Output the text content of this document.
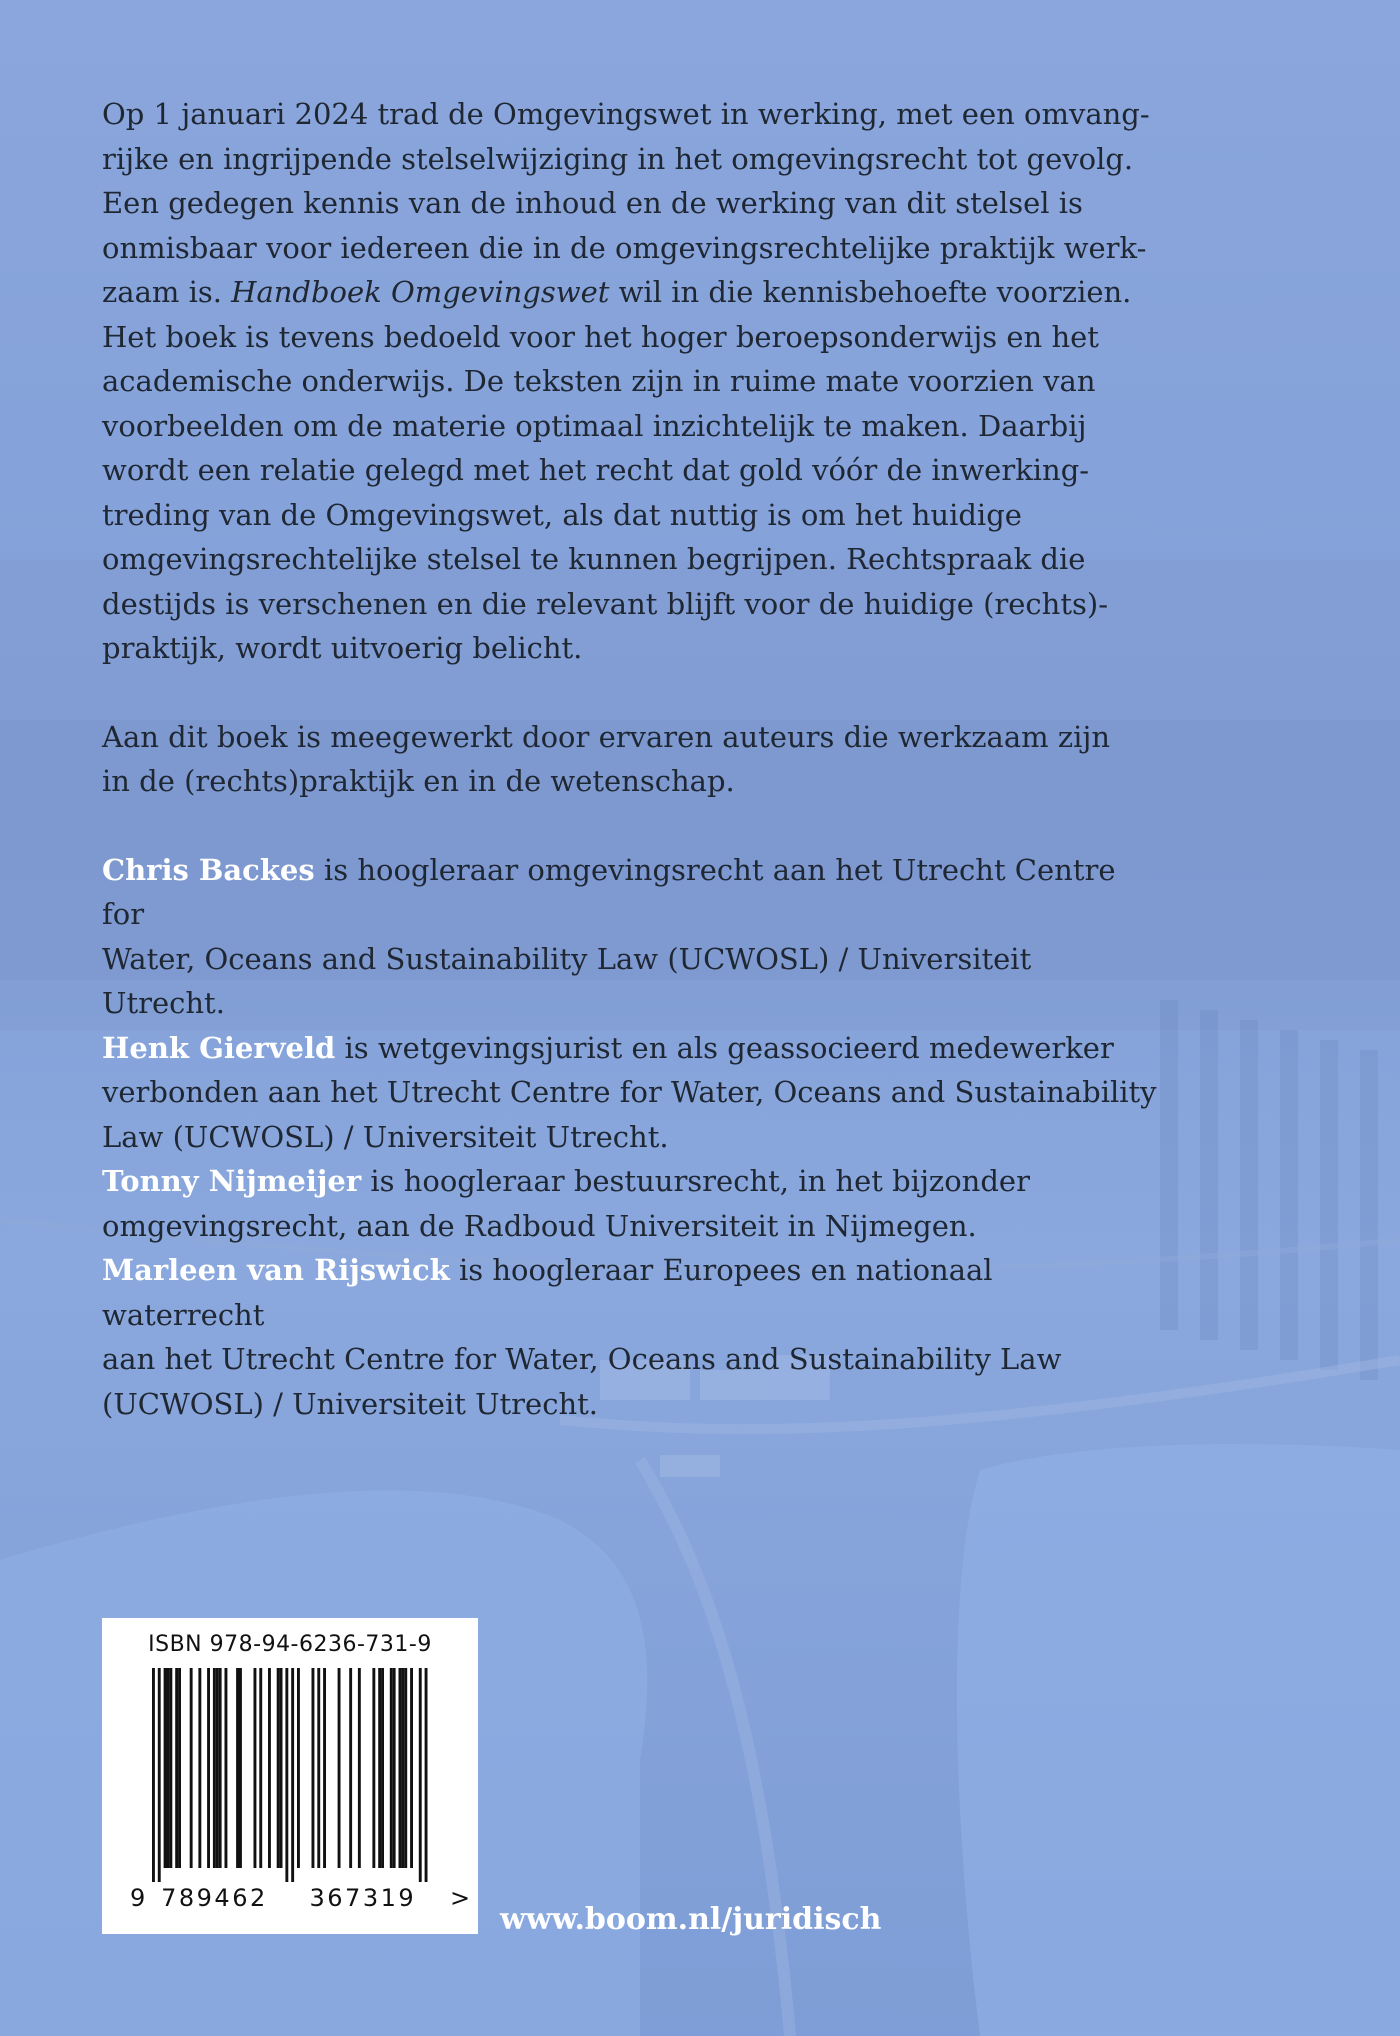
Op 1 januari 2024 trad de Omgevingswet in werking, met een omvang-
rijke en ingrijpende stelselwijziging in het omgevingsrecht tot gevolg.
Een gedegen kennis van de inhoud en de werking van dit stelsel is
onmisbaar voor iedereen die in de omgevingsrechtelijke praktijk werk-
zaam is. Handboek Omgevingswet wil in die kennisbehoefte voorzien.
Het boek is tevens bedoeld voor het hoger beroepsonderwijs en het
academische onderwijs. De teksten zijn in ruime mate voorzien van
voorbeelden om de materie optimaal inzichtelijk te maken. Daarbij
wordt een relatie gelegd met het recht dat gold vóór de inwerking-
treding van de Omgevingswet, als dat nuttig is om het huidige
omgevingsrechtelijke stelsel te kunnen begrijpen. Rechtspraak die
destijds is verschenen en die relevant blijft voor de huidige (rechts)-
praktijk, wordt uitvoerig belicht.

Aan dit boek is meegewerkt door ervaren auteurs die werkzaam zijn
in de (rechts)praktijk en in de wetenschap.

Chris Backes is hoogleraar omgevingsrecht aan het Utrecht Centre for
Water, Oceans and Sustainability Law (UCWOSL) / Universiteit Utrecht.

Henk Gierveld is wetgevingsjurist en als geassocieerd medewerker
verbonden aan het Utrecht Centre for Water, Oceans and Sustainability
Law (UCWOSL) / Universiteit Utrecht.

Tonny Nijmeijer is hoogleraar bestuursrecht, in het bijzonder
omgevingsrecht, aan de Radboud Universiteit in Nijmegen.

Marleen van Rijswick is hoogleraar Europees en nationaal waterrecht
aan het Utrecht Centre for Water, Oceans and Sustainability Law
(UCWOSL) / Universiteit Utrecht.

ISBN 978-94-6236-731-9
9 789462	367319	>
www.boom.nl/juridisch
